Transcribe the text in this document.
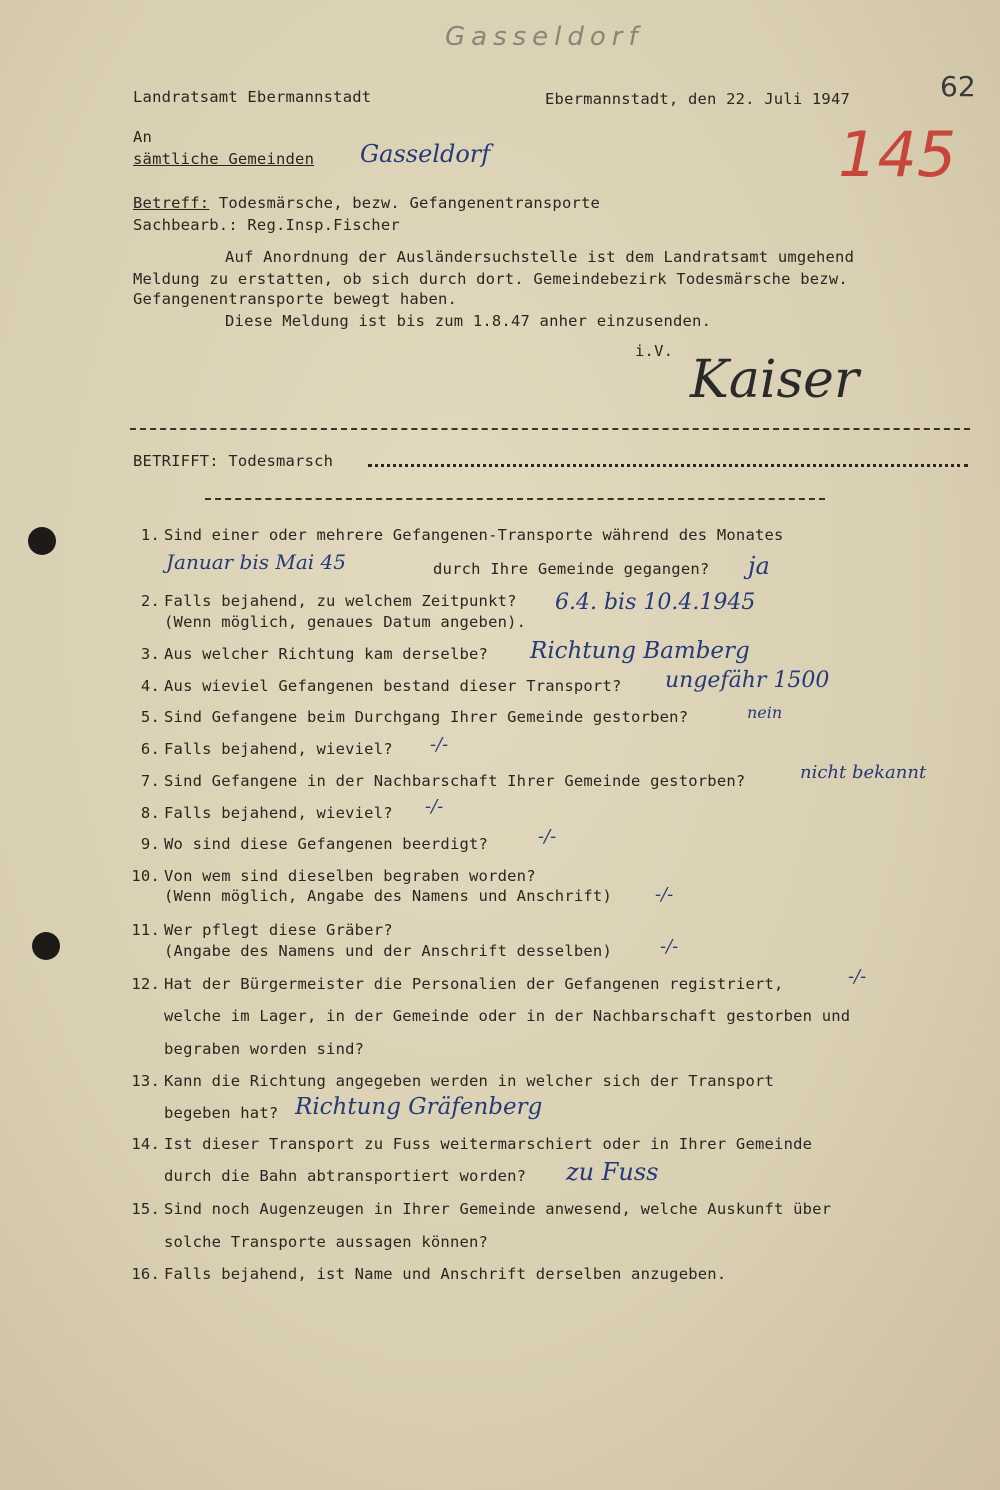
Gasseldorf
62
145
Landratsamt Ebermannstadt	Ebermannstadt, den 22. Juli 1947
An
sämtliche Gemeinden Gasseldorf
Betreff: Todesmärsche, bezw. Gefangenentransporte
Sachbearb.: Reg.Insp.Fischer
Auf Anordnung der Ausländersuchstelle ist dem Landratsamt umgehend
Meldung zu erstatten, ob sich durch dort. Gemeindebezirk Todesmärsche bezw.
Gefangenentransporte bewegt haben.
Diese Meldung ist bis zum 1.8.47 anher einzusenden.
i.V. Kaiser
BETRIFFT: Todesmarsch
1. Sind einer oder mehrere Gefangenen-Transporte während des Monates
Januar bis Mai 45	durch Ihre Gemeinde gegangen? ja
2. Falls bejahend, zu welchem Zeitpunkt?
(Wenn möglich, genaues Datum angeben).
6.4. bis 10.4.1945
3. Aus welcher Richtung kam derselbe? Richtung Bamberg
4. Aus wieviel Gefangenen bestand dieser Transport? ungefähr 1500
5. Sind Gefangene beim Durchgang Ihrer Gemeinde gestorben?	nein
6. Falls bejahend, wieviel? -/-
7. Sind Gefangene in der Nachbarschaft Ihrer Gemeinde gestorben?	nicht bekannt
8. Falls bejahend, wieviel? -/-
9. Wo sind diese Gefangenen beerdigt?	-/-
10. Von wem sind dieselben begraben worden?
(Wenn möglich, Angabe des Namens und Anschrift) -/-
11. Wer pflegt diese Gräber?
(Angabe des Namens und der Anschrift desselben)	-/-
12. Hat der Bürgermeister die Personalien der Gefangenen registriert,	-/-
welche im Lager, in der Gemeinde oder in der Nachbarschaft gestorben und
begraben worden sind?
13. Kann die Richtung angegeben werden in welcher sich der Transport
begeben hat? Richtung Gräfenberg
14. Ist dieser Transport zu Fuss weitermarschiert oder in Ihrer Gemeinde
durch die Bahn abtransportiert worden? zu Fuss
15. Sind noch Augenzeugen in Ihrer Gemeinde anwesend, welche Auskunft über
solche Transporte aussagen können?
16. Falls bejahend, ist Name und Anschrift derselben anzugeben.
